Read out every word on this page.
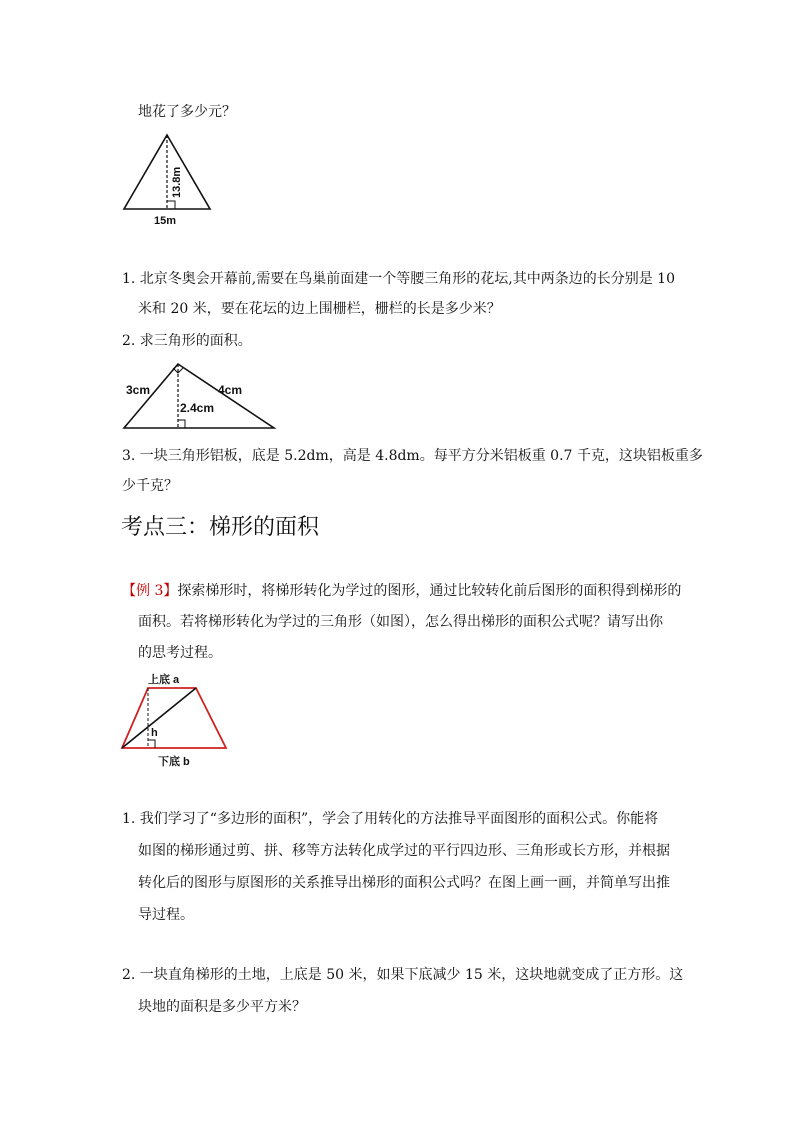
地花了多少元？
13.8m
15m
1. 北京冬奥会开幕前,需要在鸟巢前面建一个等腰三角形的花坛,其中两条边的长分别是 10
米和 20 米，要在花坛的边上围栅栏，栅栏的长是多少米？
2. 求三角形的面积。
3cm	4cm
2.4cm
3. 一块三角形铝板，底是 5.2dm，高是 4.8dm。每平方分米铝板重 0.7 千克，这块铝板重多
少千克？
考点三：梯形的面积
【例 3】探索梯形时，将梯形转化为学过的图形，通过比较转化前后图形的面积得到梯形的
面积。若将梯形转化为学过的三角形（如图），怎么得出梯形的面积公式呢？请写出你
的思考过程。
上底 a
h
下底 b
1. 我们学习了“多边形的面积”，学会了用转化的方法推导平面图形的面积公式。你能将
如图的梯形通过剪、拼、移等方法转化成学过的平行四边形、三角形或长方形，并根据
转化后的图形与原图形的关系推导出梯形的面积公式吗？在图上画一画，并简单写出推
导过程。
2. 一块直角梯形的土地，上底是 50 米，如果下底减少 15 米，这块地就变成了正方形。这
块地的面积是多少平方米？
